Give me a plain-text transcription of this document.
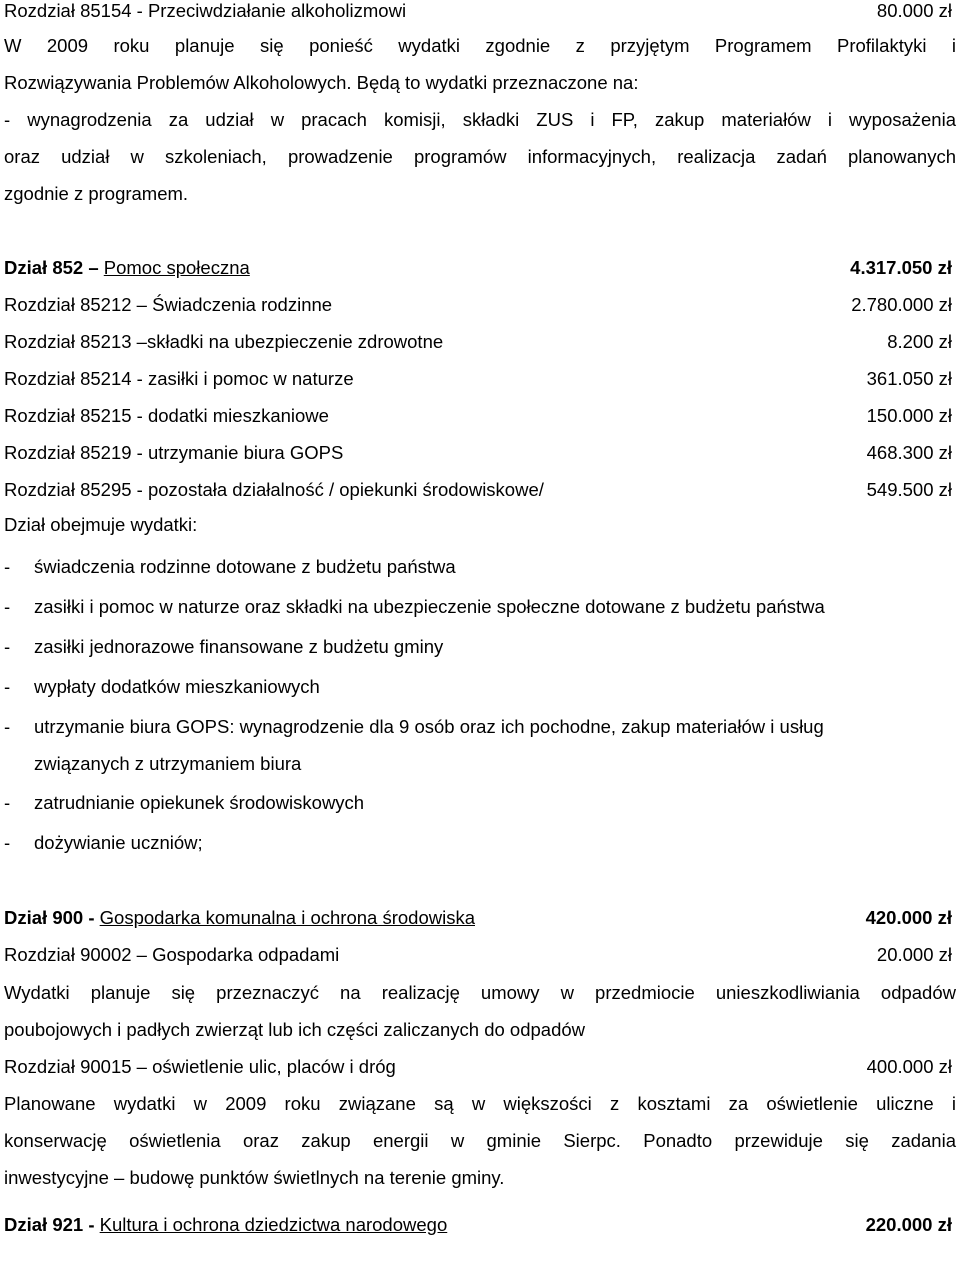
Rozdział 85154 - Przeciwdziałanie alkoholizmowi	80.000 zł
W 2009 roku planuje się ponieść wydatki zgodnie z przyjętym Programem Profilaktyki i
Rozwiązywania Problemów Alkoholowych. Będą to wydatki przeznaczone na:
- wynagrodzenia za udział w pracach komisji, składki ZUS i FP, zakup materiałów i wyposażenia
oraz udział w szkoleniach, prowadzenie programów informacyjnych, realizacja zadań planowanych
zgodnie z programem.
Dział 852 – Pomoc społeczna	4.317.050 zł
Rozdział 85212 – Świadczenia rodzinne	2.780.000 zł
Rozdział 85213 –składki na ubezpieczenie zdrowotne	8.200 zł
Rozdział 85214 - zasiłki i pomoc w naturze	361.050 zł
Rozdział 85215 - dodatki mieszkaniowe	150.000 zł
Rozdział 85219 - utrzymanie biura GOPS	468.300 zł
Rozdział 85295 - pozostała działalność / opiekunki środowiskowe/	549.500 zł
Dział obejmuje wydatki:
- świadczenia rodzinne dotowane z budżetu państwa
- zasiłki i pomoc w naturze oraz składki na ubezpieczenie społeczne dotowane z budżetu państwa
- zasiłki jednorazowe finansowane z budżetu gminy
- wypłaty dodatków mieszkaniowych
- utrzymanie biura GOPS: wynagrodzenie dla 9 osób oraz ich pochodne, zakup materiałów i usług
związanych z utrzymaniem biura
- zatrudnianie opiekunek środowiskowych
- dożywianie uczniów;
Dział 900 - Gospodarka komunalna i ochrona środowiska	420.000 zł
Rozdział 90002 – Gospodarka odpadami	20.000 zł
Wydatki planuje się przeznaczyć na realizację umowy w przedmiocie unieszkodliwiania odpadów
poubojowych i padłych zwierząt lub ich części zaliczanych do odpadów
Rozdział 90015 – oświetlenie ulic, placów i dróg	400.000 zł
Planowane wydatki w 2009 roku związane są w większości z kosztami za oświetlenie uliczne i
konserwację oświetlenia oraz zakup energii w gminie Sierpc. Ponadto przewiduje się zadania
inwestycyjne – budowę punktów świetlnych na terenie gminy.
Dział 921 - Kultura i ochrona dziedzictwa narodowego	220.000 zł
